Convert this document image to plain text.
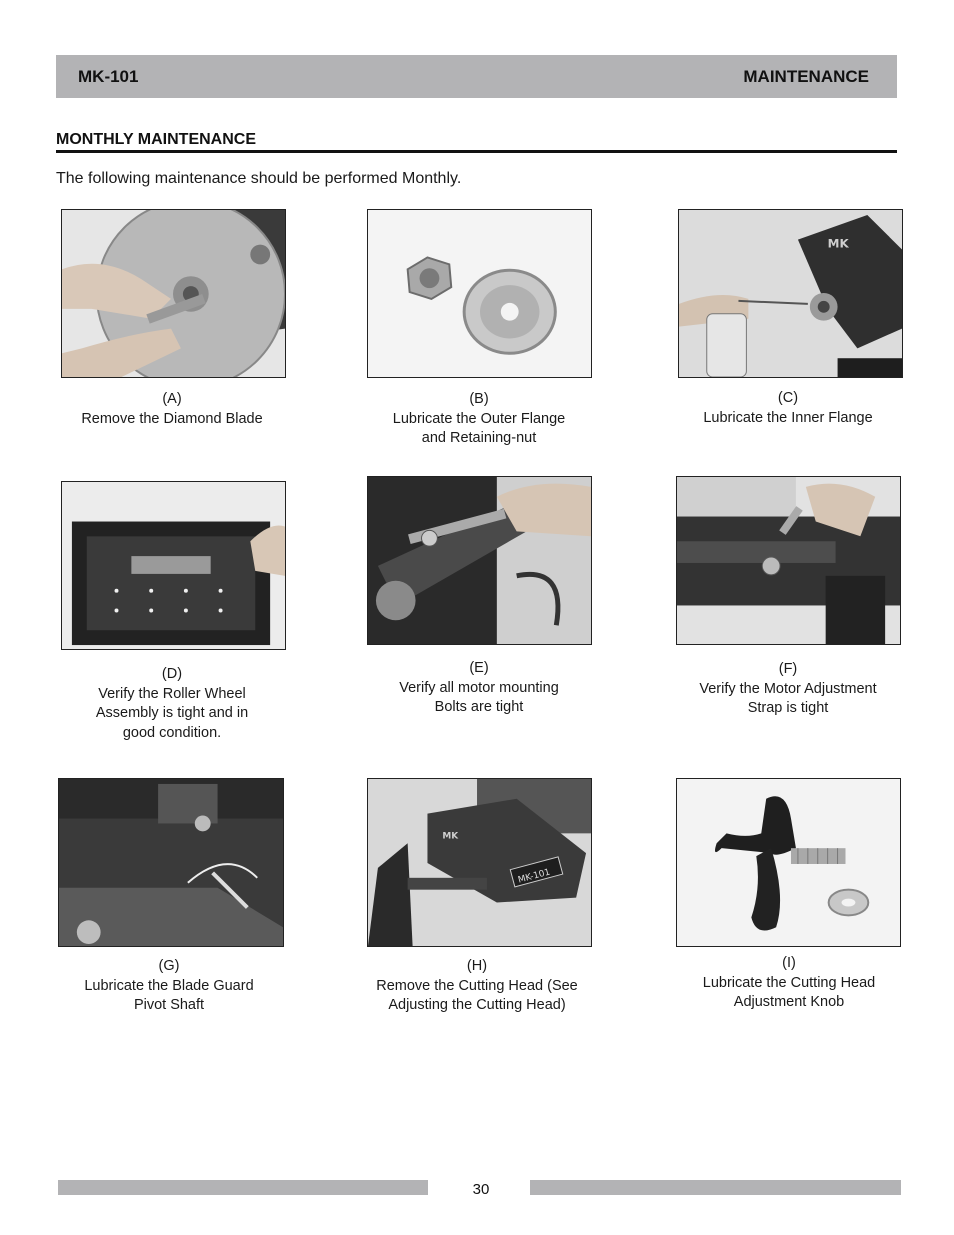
MK-101	MAINTENANCE
MONTHLY MAINTENANCE
The following maintenance should be performed Monthly.
MK
(A)
Remove the Diamond Blade
(B)
Lubricate the Outer Flange
and Retaining-nut
(C)
Lubricate the Inner Flange
(D)
Verify the Roller Wheel
Assembly is tight and in
good condition.
(E)
Verify all motor mounting
Bolts are tight
(F)
Verify the Motor Adjustment
Strap is tight
MK
MK-101
(G)
Lubricate the Blade Guard
Pivot Shaft
(H)
Remove the Cutting Head (See
Adjusting the Cutting Head)
(I)
Lubricate the Cutting Head
Adjustment Knob
30
